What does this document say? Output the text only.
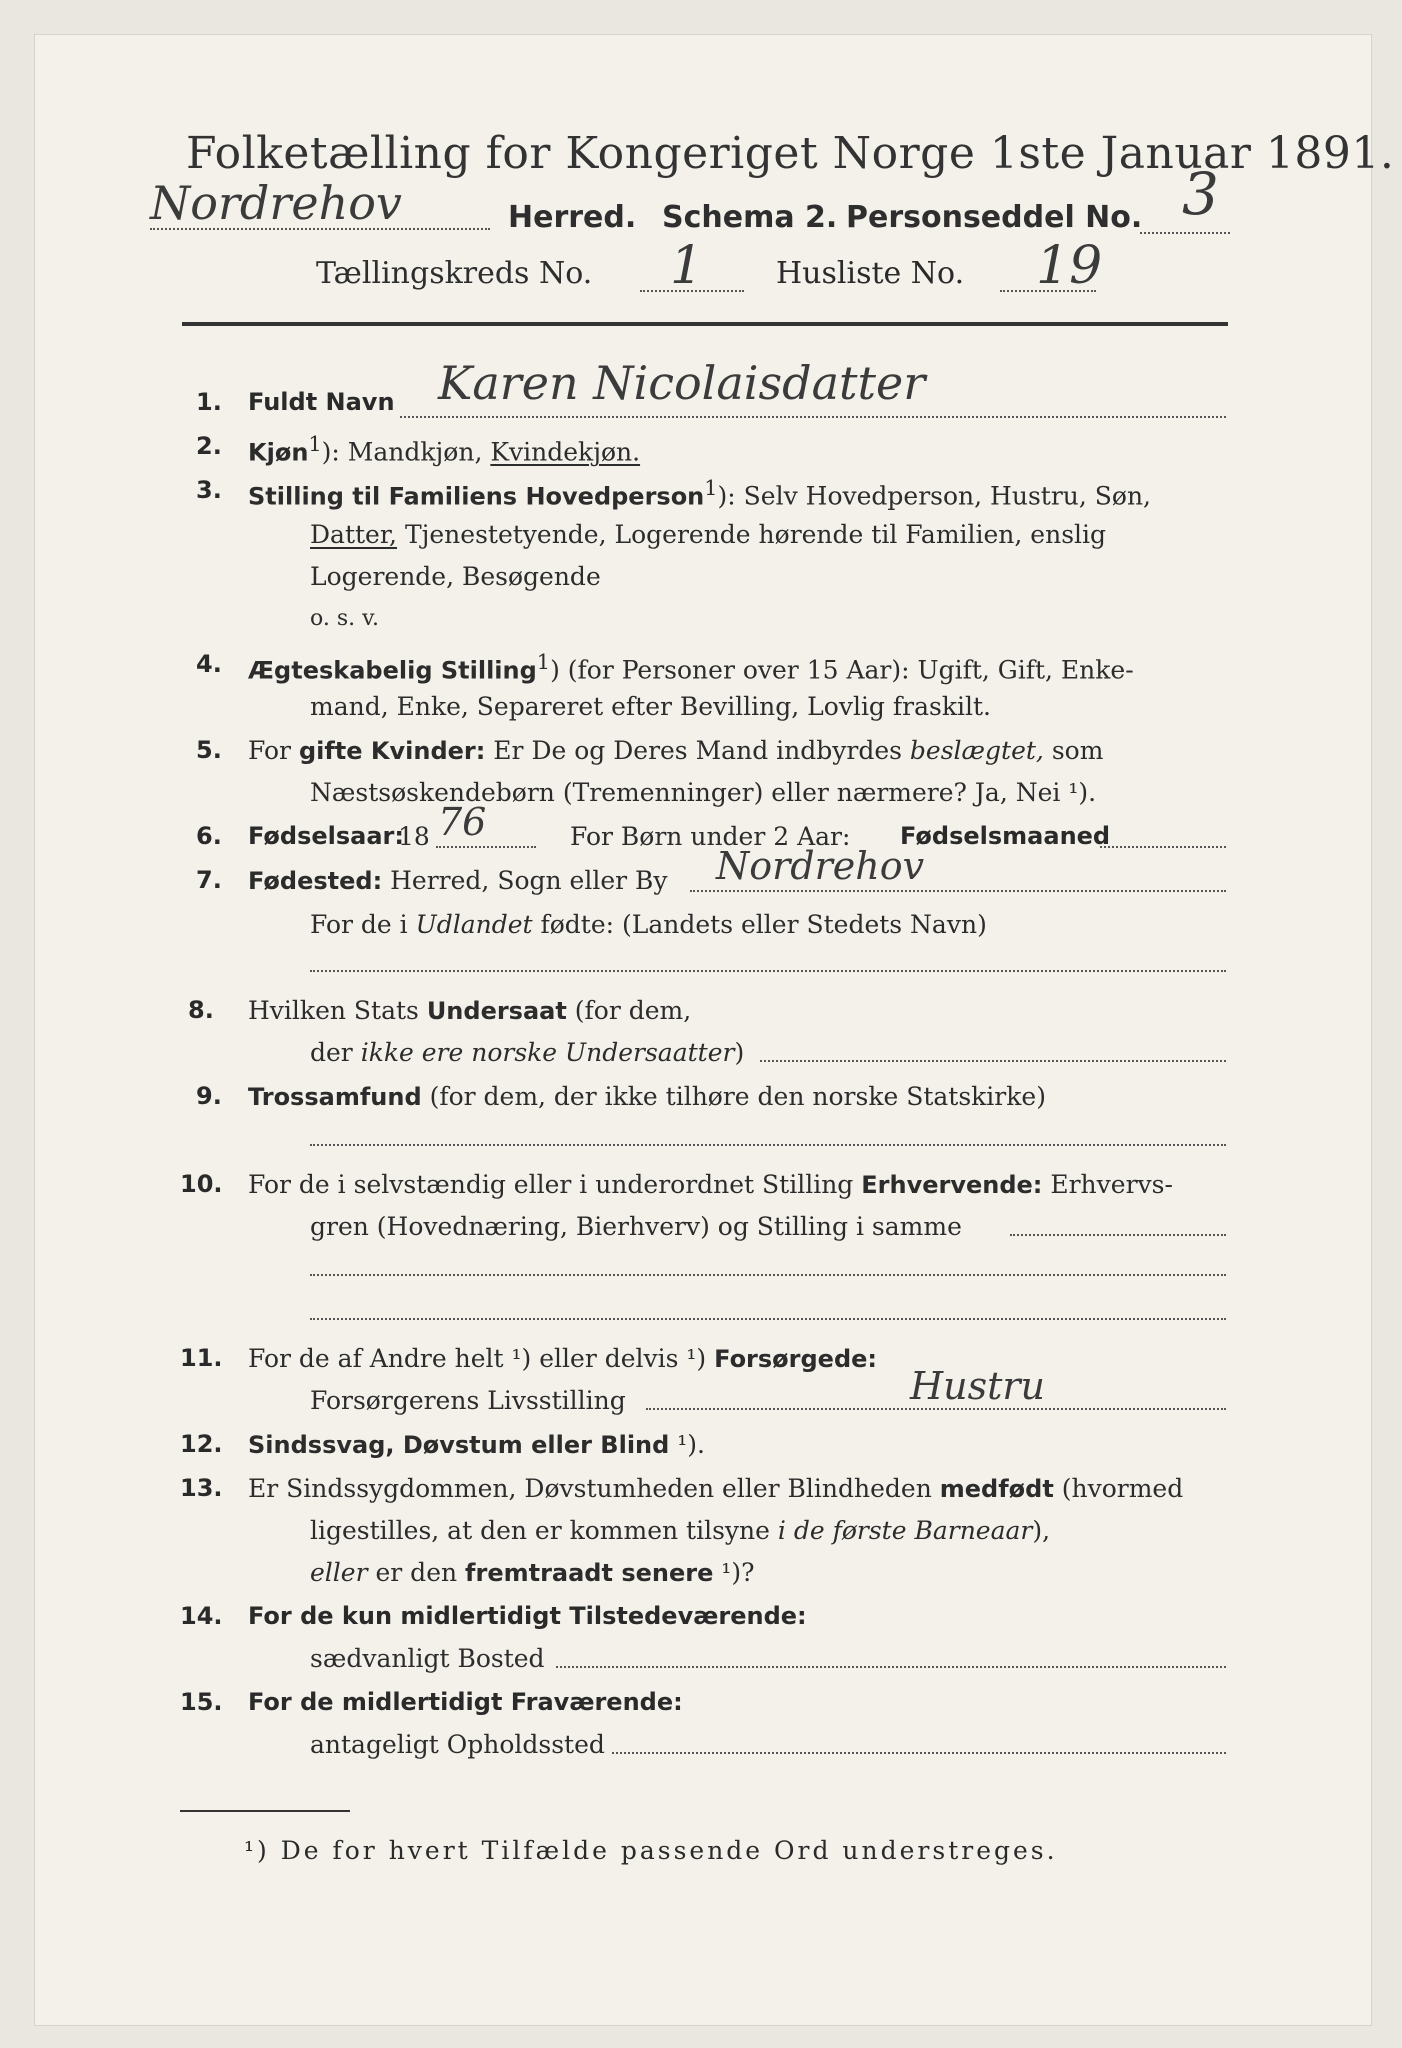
Folketælling for Kongeriget Norge 1ste Januar 1891.
Nordrehov	Herred. Schema 2. Personseddel No. 3
Tællingskreds No. 1 Husliste No. 19
1. Fuldt Navn Karen Nicolaisdatter
2. Kjøn$^1$): Mandkjøn, Kvindekjøn.
3. Stilling til Familiens Hovedperson$^1$): Selv Hovedperson, Hustru, Søn,
Datter, Tjenestetyende, Logerende hørende til Familien, enslig
Logerende, Besøgende
o. s. v.
4. Ægteskabelig Stilling$^1$) (for Personer over 15 Aar): Ugift, Gift, Enke-
mand, Enke, Separeret efter Bevilling, Lovlig fraskilt.
5. For gifte Kvinder: Er De og Deres Mand indbyrdes beslægtet, som
Næstsøskendebørn (Tremenninger) eller nærmere? Ja, Nei ¹).
6. Fødselsaar:
18 76	For Børn under 2 Aar: Fødselsmaaned
7. Fødested: Herred, Sogn eller By Nordrehov
For de i Udlandet fødte: (Landets eller Stedets Navn)
8. Hvilken Stats Undersaat (for dem,
der ikke ere norske Undersaatter)
9. Trossamfund (for dem, der ikke tilhøre den norske Statskirke)
10. For de i selvstændig eller i underordnet Stilling Erhvervende: Erhvervs-
gren (Hovednæring, Bierhverv) og Stilling i samme
11. For de af Andre helt ¹) eller delvis ¹) Forsørgede:
Forsørgerens Livsstilling	Hustru
12. Sindssvag, Døvstum eller Blind ¹).
13. Er Sindssygdommen, Døvstumheden eller Blindheden medfødt (hvormed
ligestilles, at den er kommen tilsyne i de første Barneaar),
eller er den fremtraadt senere ¹)?
14. For de kun midlertidigt Tilstedeværende:
sædvanligt Bosted
15. For de midlertidigt Fraværende:
antageligt Opholdssted
¹) De for hvert Tilfælde passende Ord understreges.
